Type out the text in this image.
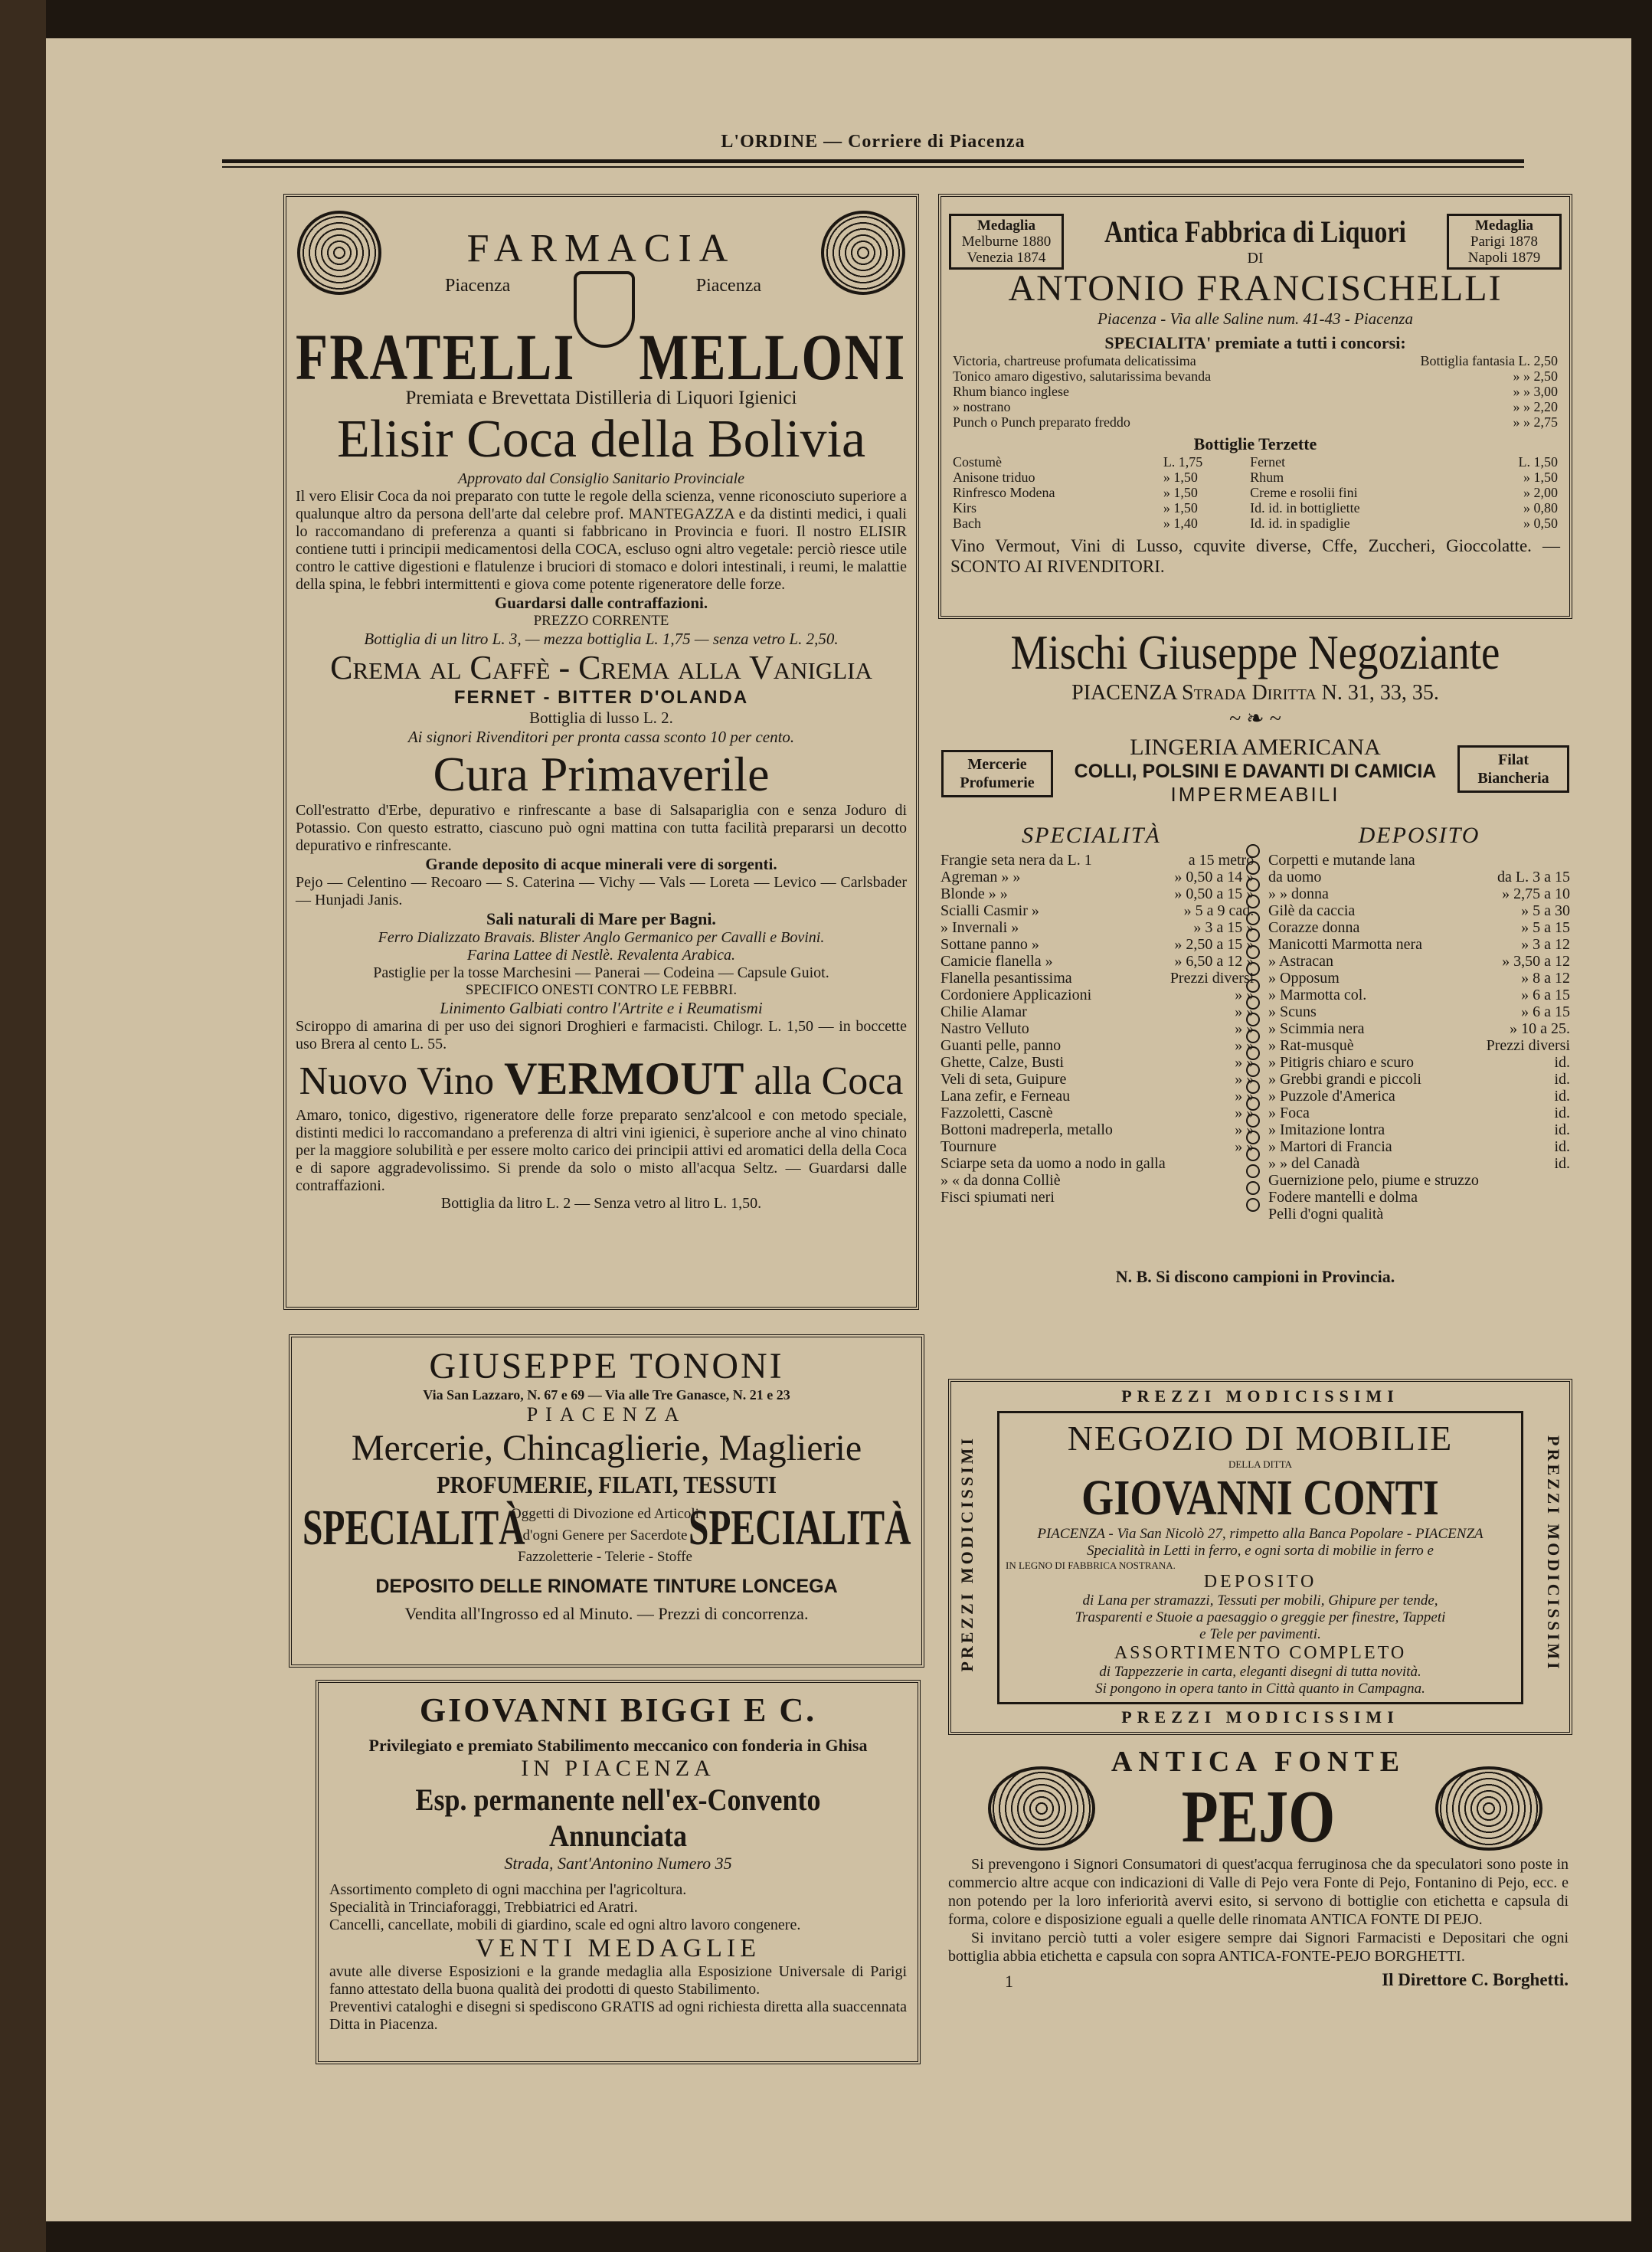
L'ORDINE — Corriere di Piacenza
FARMACIA
Piacenza	Piacenza
FRATELLI MELLONI
Premiata e Brevettata Distilleria di Liquori Igienici
Elisir Coca della Bolivia
Approvato dal Consiglio Sanitario Provinciale
Il vero Elisir Coca da noi preparato con tutte le regole della scienza, venne riconosciuto superiore a qualunque altro da persona dell'arte dal celebre prof. MANTEGAZZA e da distinti medici, i quali lo raccomandano di preferenza a quanti si fabbricano in Provincia e fuori. Il nostro ELISIR contiene tutti i principii medicamentosi della COCA, escluso ogni altro vegetale: perciò riesce utile contro le cattive digestioni e flatulenze i bruciori di stomaco e dolori intestinali, i reumi, le malattie della spina, le febbri intermittenti e giova come potente rigeneratore delle forze.
Guardarsi dalle contraffazioni.
PREZZO CORRENTE
Bottiglia di un litro L. 3, — mezza bottiglia L. 1,75 — senza vetro L. 2,50.
Crema al Caffè - Crema alla Vaniglia
FERNET - BITTER D'OLANDA
Bottiglia di lusso L. 2.
Ai signori Rivenditori per pronta cassa sconto 10 per cento.
Cura Primaverile
Coll'estratto d'Erbe, depurativo e rinfrescante a base di Salsapariglia con e senza Joduro di Potassio. Con questo estratto, ciascuno può ogni mattina con tutta facilità prepararsi un decotto depurativo e rinfrescante.
Grande deposito di acque minerali vere di sorgenti.
Pejo — Celentino — Recoaro — S. Caterina — Vichy — Vals — Loreta — Levico — Carlsbader — Hunjadi Janis.
Sali naturali di Mare per Bagni.
Ferro Dializzato Bravais. Blister Anglo Germanico per Cavalli e Bovini.
Farina Lattee di Nestlè. Revalenta Arabica.
Pastiglie per la tosse Marchesini — Panerai — Codeina — Capsule Guiot.
SPECIFICO ONESTI CONTRO LE FEBBRI.
Linimento Galbiati contro l'Artrite e i Reumatismi
Sciroppo di amarina di per uso dei signori Droghieri e farmacisti. Chilogr. L. 1,50 — in boccette uso Brera al cento L. 55.
Nuovo Vino VERMOUT alla Coca
Amaro, tonico, digestivo, rigeneratore delle forze preparato senz'alcool e con metodo speciale, distinti medici lo raccomandano a preferenza di altri vini igienici, è superiore anche al vino chinato per la maggiore solubilità e per essere molto carico dei principii attivi ed aromatici della della Coca e di sapore aggradevolissimo. Si prende da solo o misto all'acqua Seltz. — Guardarsi dalle contraffazioni.
Bottiglia da litro L. 2 — Senza vetro al litro L. 1,50.
GIUSEPPE TONONI
Via San Lazzaro, N. 67 e 69 — Via alle Tre Ganasce, N. 21 e 23
PIACENZA
Mercerie, Chincaglierie, Maglierie
PROFUMERIE, FILATI, TESSUTI
SPECIALITÀ	SPECIALITÀ
Oggetti di Divozione ed Articoli
d'ogni Genere per Sacerdote
Fazzoletterie - Telerie - Stoffe
DEPOSITO DELLE RINOMATE TINTURE LONCEGA
Vendita all'Ingrosso ed al Minuto. — Prezzi di concorrenza.
GIOVANNI BIGGI E C.
Privilegiato e premiato Stabilimento meccanico con fonderia in Ghisa
IN PIACENZA
Esp. permanente nell'ex-Convento Annunciata
Strada, Sant'Antonino Numero 35
Assortimento completo di ogni macchina per l'agricoltura.
Specialità in Trinciaforaggi, Trebbiatrici ed Aratri.
Cancelli, cancellate, mobili di giardino, scale ed ogni altro lavoro congenere.
VENTI MEDAGLIE
avute alle diverse Esposizioni e la grande medaglia alla Esposizione Universale di Parigi fanno attestato della buona qualità dei prodotti di questo Stabilimento.
Preventivi cataloghi e disegni si spediscono GRATIS ad ogni richiesta diretta alla suaccennata Ditta in Piacenza.
Medaglia
Melburne 1880
Venezia 1874
Medaglia
Parigi 1878
Napoli 1879
Antica Fabbrica di Liquori
DI
ANTONIO FRANCISCHELLI
Piacenza - Via alle Saline num. 41-43 - Piacenza
SPECIALITA' premiate a tutti i concorsi:
Victoria, chartreuse profumata delicatissima	Bottiglia fantasia L. 2,50
Tonico amaro digestivo, salutarissima bevanda	» » 2,50
Rhum bianco inglese	» » 3,00
» nostrano	» » 2,20
Punch o Punch preparato freddo	» » 2,75
Bottiglie Terzette
Costumè	L. 1,75	Fernet	L. 1,50
Anisone triduo	» 1,50	Rhum	» 1,50
Rinfresco Modena	» 1,50	Creme e rosolii fini	» 2,00
Kirs	» 1,50	Id. id. in bottigliette	» 0,80
Bach	» 1,40	Id. id. in spadiglie	» 0,50
Vino Vermout, Vini di Lusso, cquvite diverse, Cffe, Zuccheri, Gioccolatte. — SCONTO AI RIVENDITORI.
Mischi Giuseppe Negoziante
PIACENZA Strada Diritta N. 31, 33, 35.
~ ❧ ~
Mercerie
Profumerie
Filat
Biancheria
LINGERIA AMERICANA
COLLI, POLSINI E DAVANTI DI CAMICIA
IMPERMEABILI
SPECIALITÀ	DEPOSITO
Frangie seta nera da L. 1	a 15 metro
Agreman » »	» 0,50 a 14 »
Blonde » »	» 0,50 a 15 »
Scialli Casmir »	» 5 a 9 cad.
» Invernali »	» 3 a 15 »
Sottane panno »	» 2,50 a 15 »
Camicie flanella »	» 6,50 a 12 »
Flanella pesantissima	Prezzi diversi
Cordoniere Applicazioni	» »
Chilie Alamar	» »
Nastro Velluto	» »
Guanti pelle, panno	» »
Ghette, Calze, Busti	» »
Veli di seta, Guipure	» »
Lana zefir, e Ferneau	» »
Fazzoletti, Cascnè	» »
Bottoni madreperla, metallo	» »
Tournure	» »
Sciarpe seta da uomo a nodo in galla	
» « da donna Colliè	
Fisci spiumati neri	
Corpetti e mutande lana	
da uomo	da L. 3 a 15
» » donna	» 2,75 a 10
Gilè da caccia	» 5 a 30
Corazze donna	» 5 a 15
Manicotti Marmotta nera	» 3 a 12
» Astracan	» 3,50 a 12
» Opposum	» 8 a 12
» Marmotta col.	» 6 a 15
» Scuns	» 6 a 15
» Scimmia nera	» 10 a 25.
» Rat-musquè	Prezzi diversi
» Pitigris chiaro e scuro	id.
» Grebbi grandi e piccoli	id.
» Puzzole d'America	id.
» Foca	id.
» Imitazione lontra	id.
» Martori di Francia	id.
» » del Canadà	id.
Guernizione pelo, piume e struzzo	
Fodere mantelli e dolma	
Pelli d'ogni qualità	
N. B. Si discono campioni in Provincia.
PREZZI MODICISSIMI
PREZZI MODICISSIMI	PREZZI MODICISSIMI
NEGOZIO DI MOBILIE
DELLA DITTA
GIOVANNI CONTI
PIACENZA - Via San Nicolò 27, rimpetto alla Banca Popolare - PIACENZA
Specialità in Letti in ferro, e ogni sorta di mobilie in ferro e
IN LEGNO DI FABBRICA NOSTRANA.
DEPOSITO
di Lana per stramazzi, Tessuti per mobili, Ghipure per tende,
Trasparenti e Stuoie a paesaggio o greggie per finestre, Tappeti
e Tele per pavimenti.
ASSORTIMENTO COMPLETO
di Tappezzerie in carta, eleganti disegni di tutta novità.
Si pongono in opera tanto in Città quanto in Campagna.
PREZZI MODICISSIMI
ANTICA FONTE
PEJO
Si prevengono i Signori Consumatori di quest'acqua ferruginosa che da speculatori sono poste in commercio altre acque con indicazioni di Valle di Pejo vera Fonte di Pejo, Fontanino di Pejo, ecc. e non potendo per la loro inferiorità avervi esito, si servono di bottiglie con etichetta e capsula di forma, colore e disposizione eguali a quelle delle rinomata ANTICA FONTE DI PEJO.
Si invitano perciò tutti a voler esigere sempre dai Signori Farmacisti e Depositari che ogni bottiglia abbia etichetta e capsula con sopra ANTICA-FONTE-PEJO BORGHETTI.
1	Il Direttore C. Borghetti.
